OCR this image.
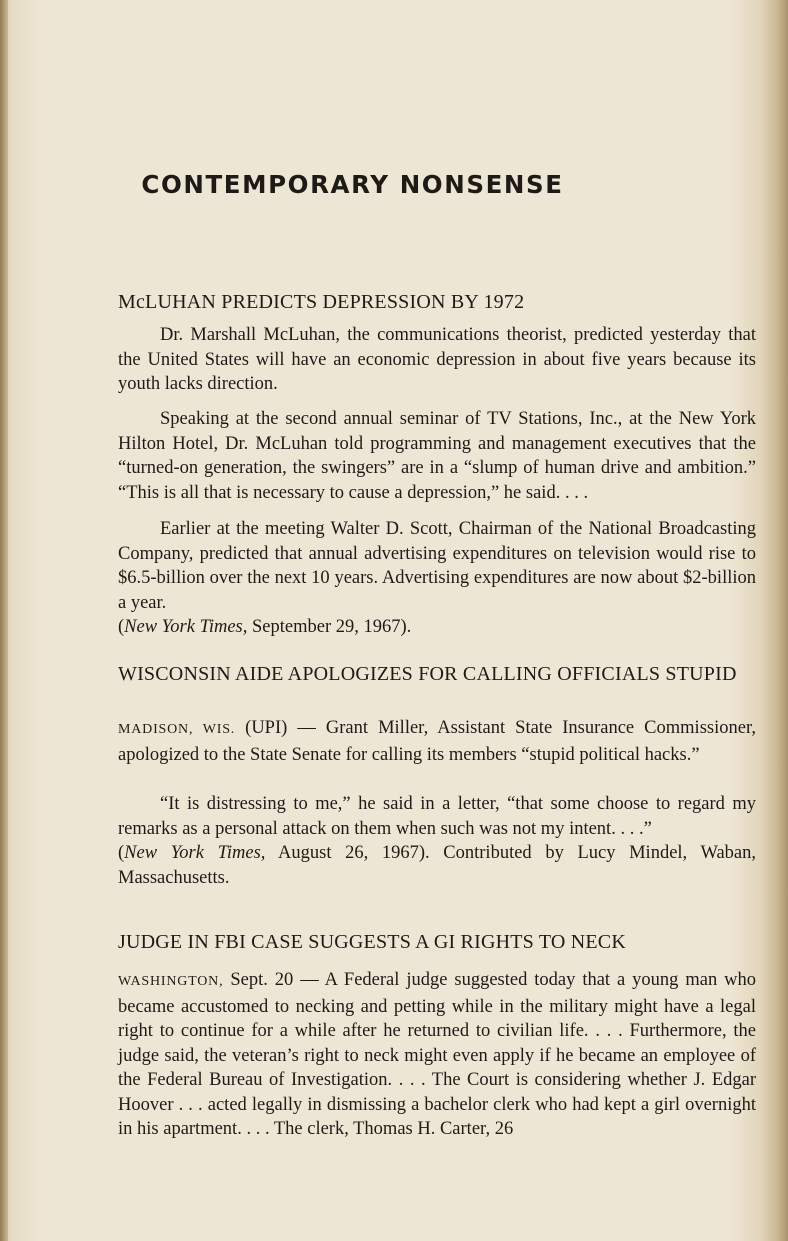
CONTEMPORARY NONSENSE
McLUHAN PREDICTS DEPRESSION BY 1972

Dr. Marshall McLuhan, the communications theorist, predicted yesterday that the United States will have an economic depression in about five years because its youth lacks direction.

Speaking at the second annual seminar of TV Stations, Inc., at the New York Hilton Hotel, Dr. McLuhan told programming and management executives that the “turned-on generation, the swingers” are in a “slump of human drive and ambition.” “This is all that is necessary to cause a depression,” he said. . . .

Earlier at the meeting Walter D. Scott, Chairman of the National Broadcasting Company, predicted that annual advertising expenditures on television would rise to $6.5-billion over the next 10 years. Advertising expenditures are now about $2-billion a year.

(New York Times, September 29, 1967).

WISCONSIN AIDE APOLOGIZES FOR CALLING OFFICIALS STUPID

MADISON, WIS. (UPI) — Grant Miller, Assistant State Insurance Commissioner, apologized to the State Senate for calling its members “stupid political hacks.”

“It is distressing to me,” he said in a letter, “that some choose to regard my remarks as a personal attack on them when such was not my intent. . . .”

(New York Times, August 26, 1967). Contributed by Lucy Mindel, Waban, Massachusetts.

JUDGE IN FBI CASE SUGGESTS A GI RIGHTS TO NECK

WASHINGTON, Sept. 20 — A Federal judge suggested today that a young man who became accustomed to necking and petting while in the military might have a legal right to continue for a while after he returned to civilian life. . . . Furthermore, the judge said, the veteran’s right to neck might even apply if he became an employee of the Federal Bureau of Investigation. . . . The Court is considering whether J. Edgar Hoover . . . acted legally in dismissing a bachelor clerk who had kept a girl overnight in his apartment. . . . The clerk, Thomas H. Carter, 26
